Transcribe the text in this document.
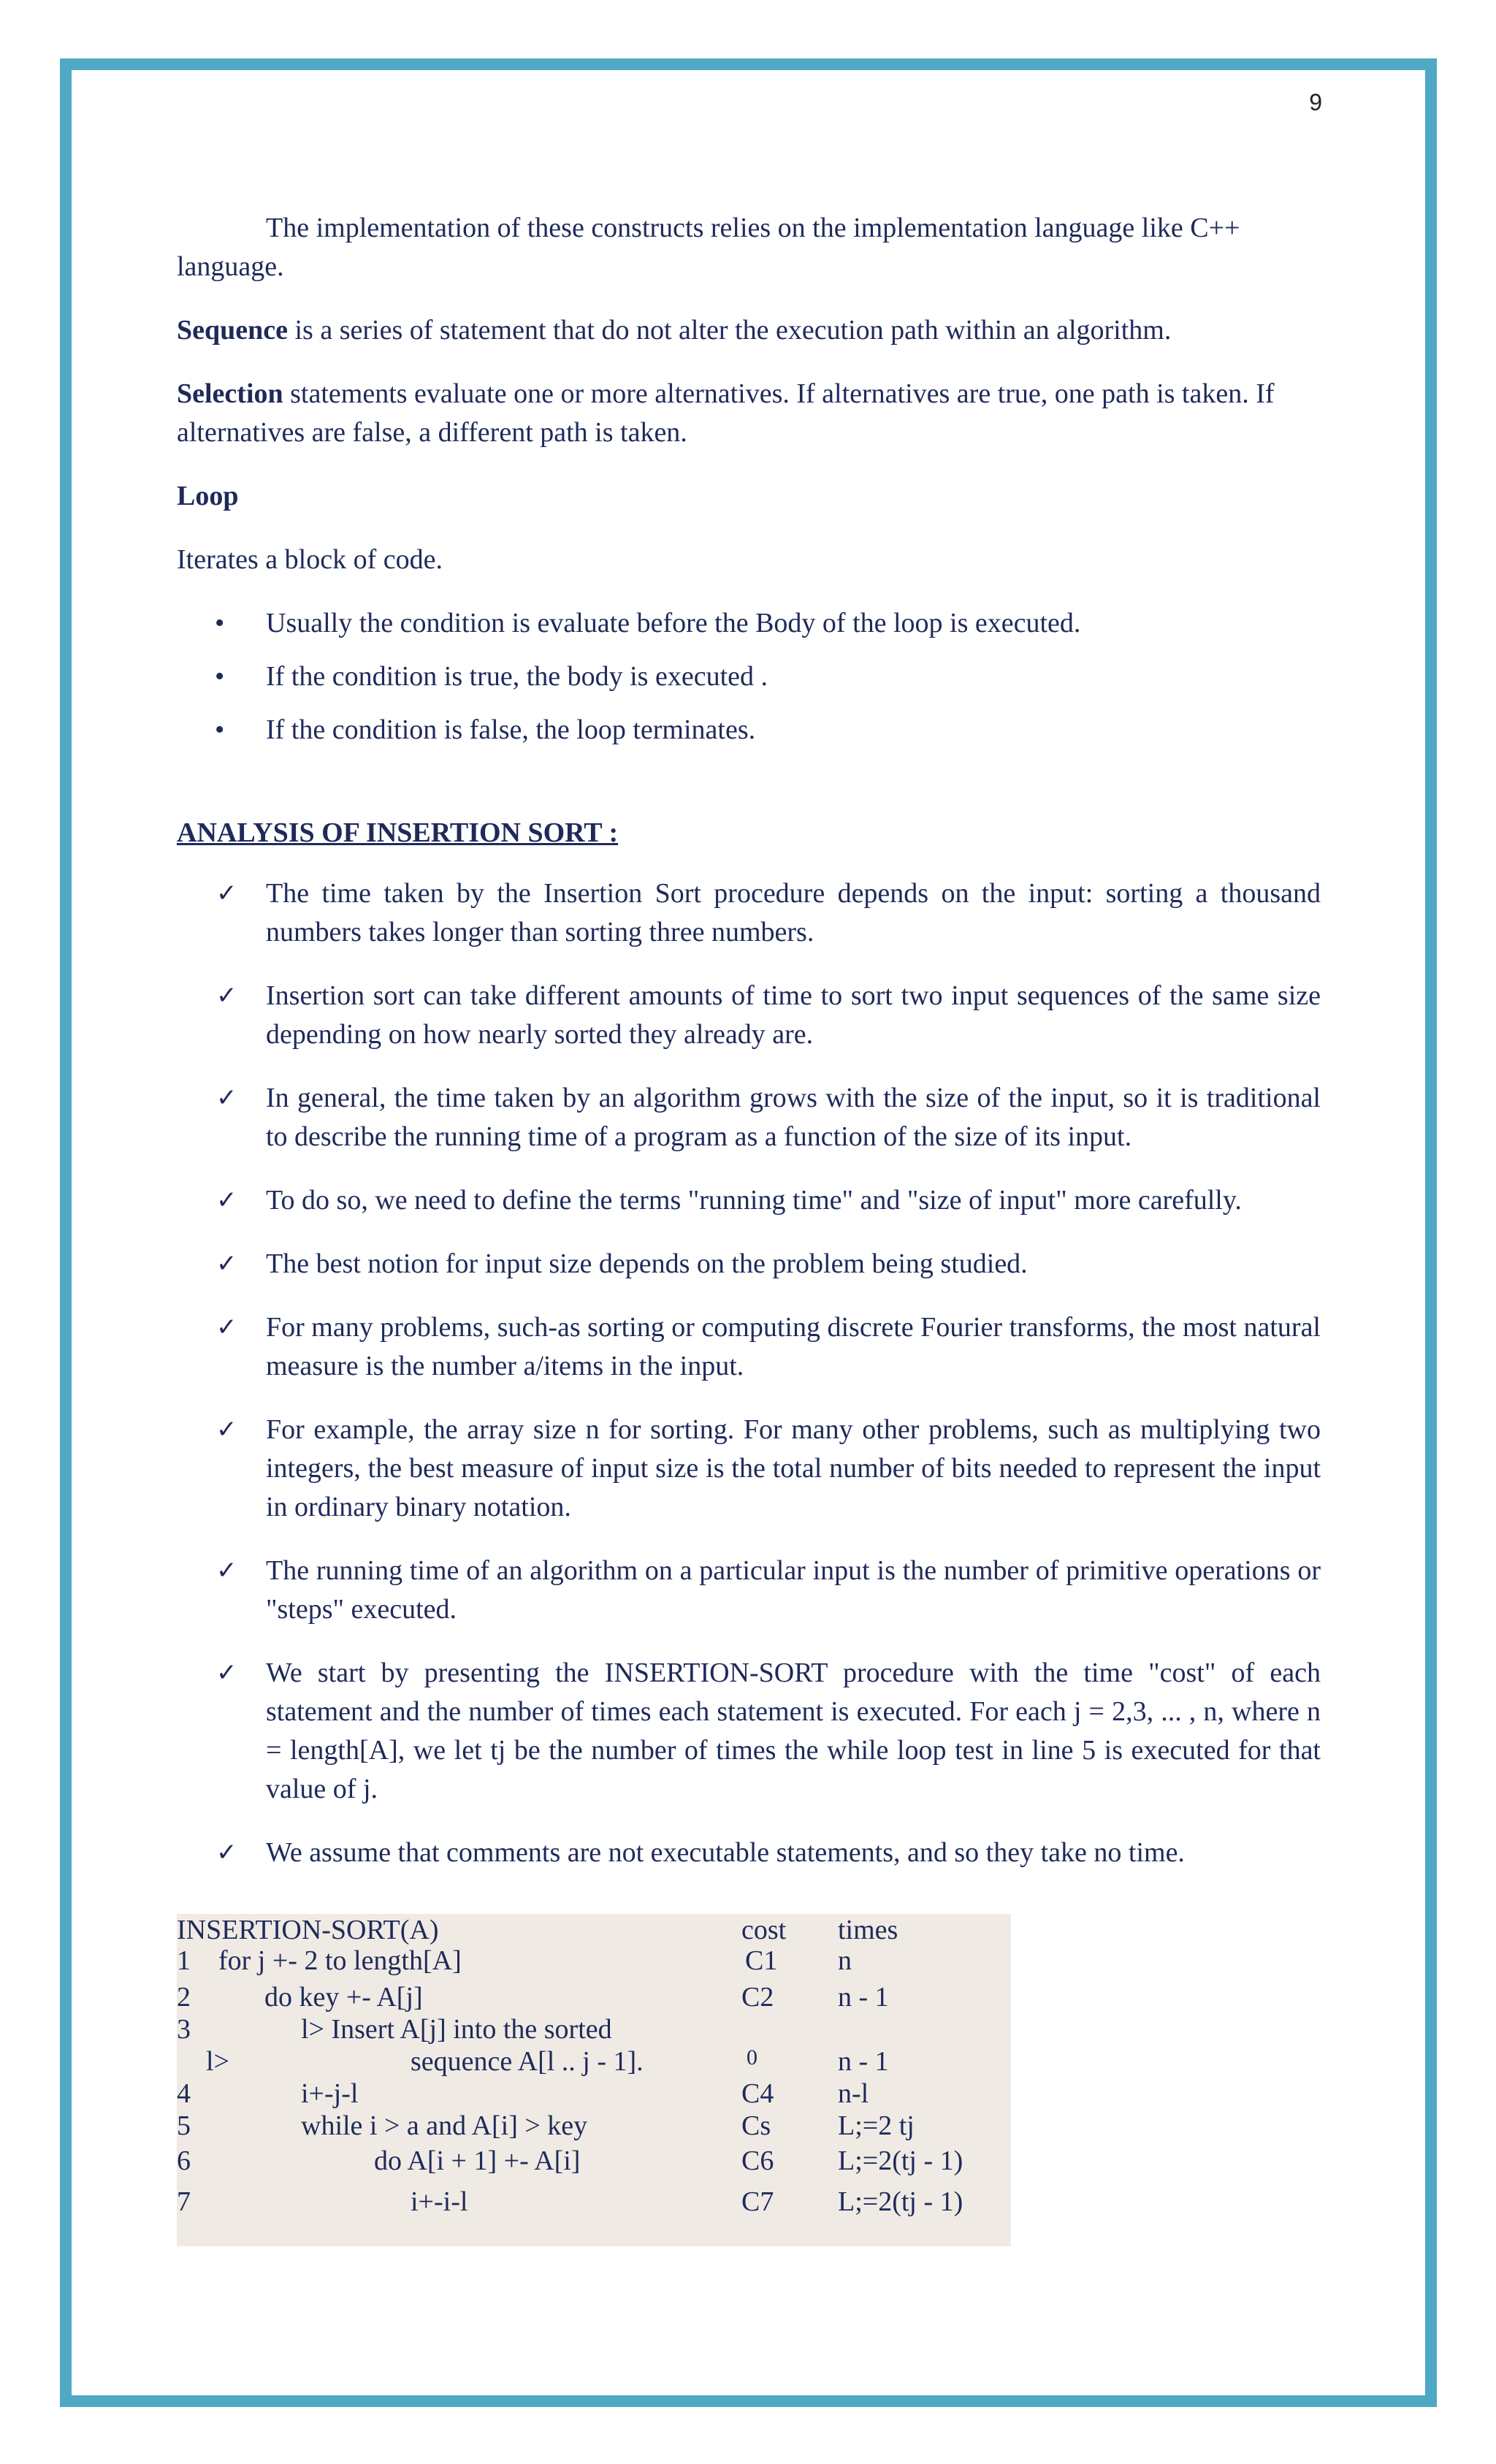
9

The implementation of these constructs relies on the implementation language like C++ language.

Sequence is a series of statement that do not alter the execution path within an algorithm.

Selection statements evaluate one or more alternatives. If alternatives are true, one path is taken. If alternatives are false, a different path is taken.

Loop

Iterates a block of code.

• Usually the condition is evaluate before the Body of the loop is executed.
• If the condition is true, the body is executed .
• If the condition is false, the loop terminates.

ANALYSIS OF INSERTION SORT :

✓ The time taken by the Insertion Sort procedure depends on the input: sorting a thousand numbers takes longer than sorting three numbers.
✓ Insertion sort can take different amounts of time to sort two input sequences of the same size depending on how nearly sorted they already are.
✓ In general, the time taken by an algorithm grows with the size of the input, so it is traditional to describe the running time of a program as a function of the size of its input.
✓ To do so, we need to define the terms "running time" and "size of input" more carefully.
✓ The best notion for input size depends on the problem being studied.
✓ For many problems, such-as sorting or computing discrete Fourier transforms, the most natural measure is the number a/items in the input.
✓ For example, the array size n for sorting. For many other problems, such as multiplying two integers, the best measure of input size is the total number of bits needed to represent the input in ordinary binary notation.
✓ The running time of an algorithm on a particular input is the number of primitive operations or "steps" executed.
✓ We start by presenting the INSERTION-SORT procedure with the time "cost" of each statement and the number of times each statement is executed. For each j = 2,3, ... , n, where n = length[A], we let tj be the number of times the while loop test in line 5 is executed for that value of j.
✓ We assume that comments are not executable statements, and so they take no time.
INSERTION-SORT(A)	cost times
1    for j +- 2 to length[A]	C1 n
2	do key +- A[j]	C2 n - 1
3	l> Insert A[j] into the sorted
l>	sequence A[l .. j - 1].	0	n - 1
4	i+-j-l	C4 n-l
5	while i > a and A[i] > key	Cs L;=2 tj
6	do A[i + 1] +- A[i]	C6 L;=2(tj - 1)
7	i+-i-l	C7 L;=2(tj - 1)
